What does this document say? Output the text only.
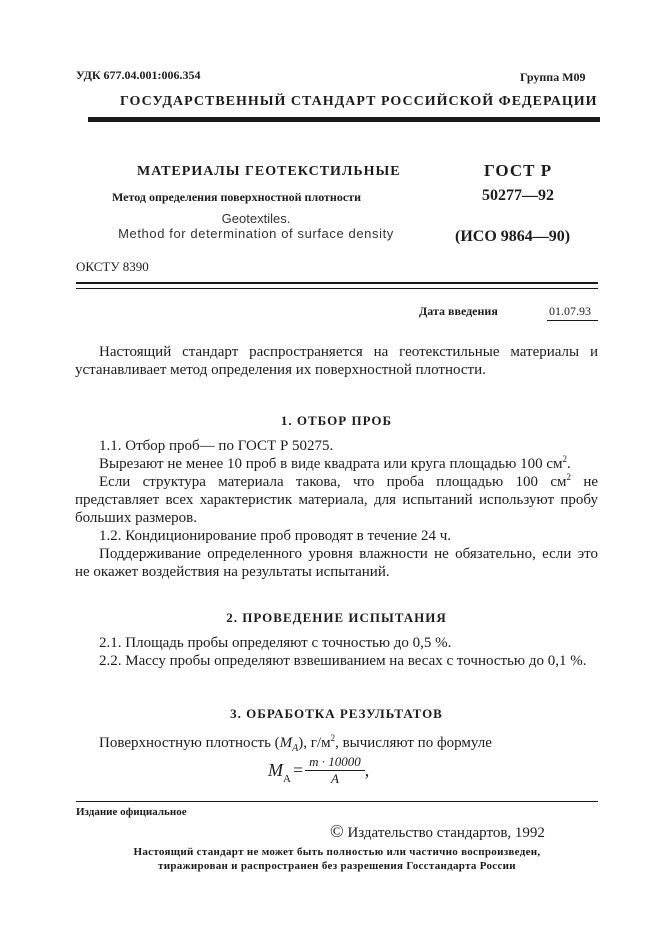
УДК 677.04.001:006.354	Группа М09
ГОСУДАРСТВЕННЫЙ СТАНДАРТ РОССИЙСКОЙ ФЕДЕРАЦИИ
МАТЕРИАЛЫ ГЕОТЕКСТИЛЬНЫЕ
Метод определения поверхностной плотности
Geotextiles.
Method for determination of surface density
ГОСТ Р
50277—92
(ИСО 9864—90)
ОКСТУ 8390
Дата введения	01.07.93

Настоящий стандарт распространяется на геотекстильные материалы и устанавливает метод определения их поверхностной плотности.

1. ОТБОР ПРОБ

1.1. Отбор проб— по ГОСТ Р 50275.

Вырезают не менее 10 проб в виде квадрата или круга площадью 100 $см^2$.

Если структура материала такова, что проба площадью 100 $см^2$ не представляет всех характеристик материала, для испытаний используют пробу больших размеров.

1.2. Кондиционирование проб проводят в течение 24 ч.

Поддерживание определенного уровня влажности не обязательно, если это не окажет воздействия на результаты испытаний.

2. ПРОВЕДЕНИЕ ИСПЫТАНИЯ

2.1. Площадь пробы определяют с точностью до 0,5 %.

2.2. Массу пробы определяют взвешиванием на весах с точностью до 0,1 %.

3. ОБРАБОТКА РЕЗУЛЬТАТОВ

Поверхностную плотность $(M_A)$, $г/м^2$, вычисляют по формуле

$M_A = \frac{m \cdot 10000}{A}$ ,
Издание официальное
© Издательство стандартов, 1992
Настоящий стандарт не может быть полностью или частично воспроизведен,
тиражирован и распространен без разрешения Госстандарта России
